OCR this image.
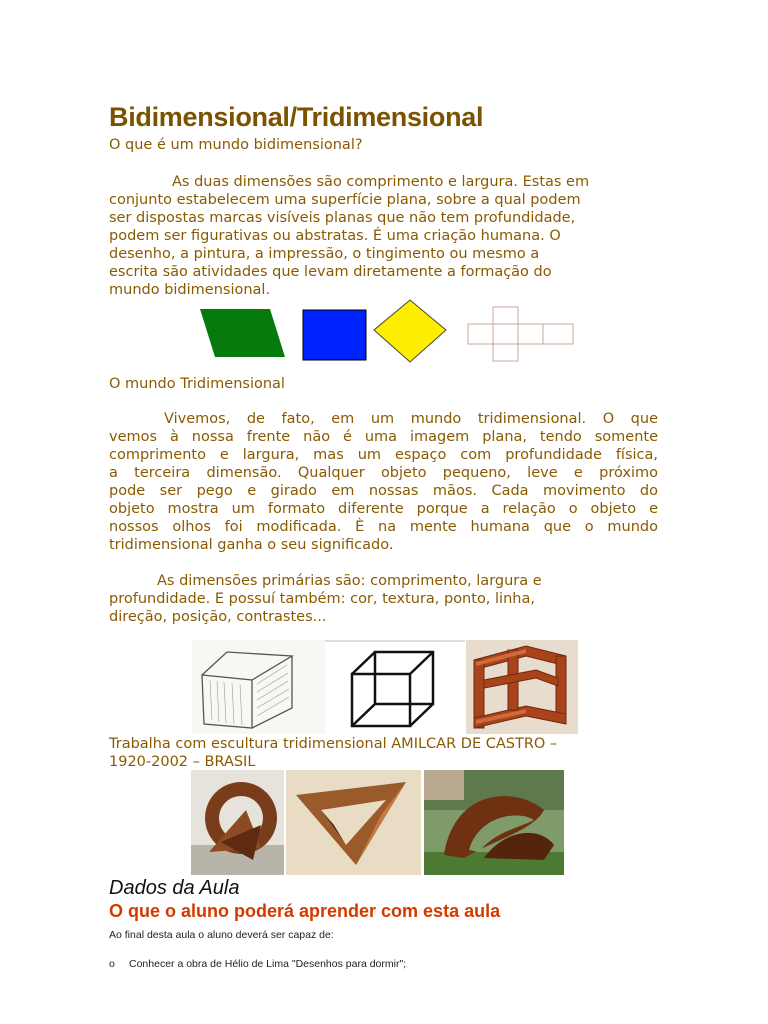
Bidimensional/Tridimensional
O que é um mundo bidimensional?
As duas dimensões são comprimento e largura. Estas em
conjunto estabelecem uma superfície plana, sobre a qual podem
ser dispostas marcas visíveis planas que não tem profundidade,
podem ser figurativas ou abstratas. É uma criação humana. O
desenho, a pintura, a impressão, o tingimento ou mesmo a
escrita são atividades que levam diretamente a formação do
mundo bidimensional.
O mundo Tridimensional
Vivemos, de fato, em um mundo tridimensional. O que
vemos à nossa frente não é uma imagem plana, tendo somente
comprimento e largura, mas um espaço com profundidade física,
a terceira dimensão. Qualquer objeto pequeno, leve e próximo
pode ser pego e girado em nossas mãos. Cada movimento do
objeto mostra um formato diferente porque a relação o objeto e
nossos olhos foi modificada. È na mente humana que o mundo
tridimensional ganha o seu significado.
As dimensões primárias são: comprimento, largura e
profundidade. E possuí também: cor, textura, ponto, linha,
direção, posição, contrastes...
Trabalha com escultura tridimensional AMILCAR DE CASTRO –
1920-2002 – BRASIL
Dados da Aula
O que o aluno poderá aprender com esta aula
Ao final desta aula o aluno deverá ser capaz de:
o Conhecer a obra de Hélio de Lima "Desenhos para dormir";
